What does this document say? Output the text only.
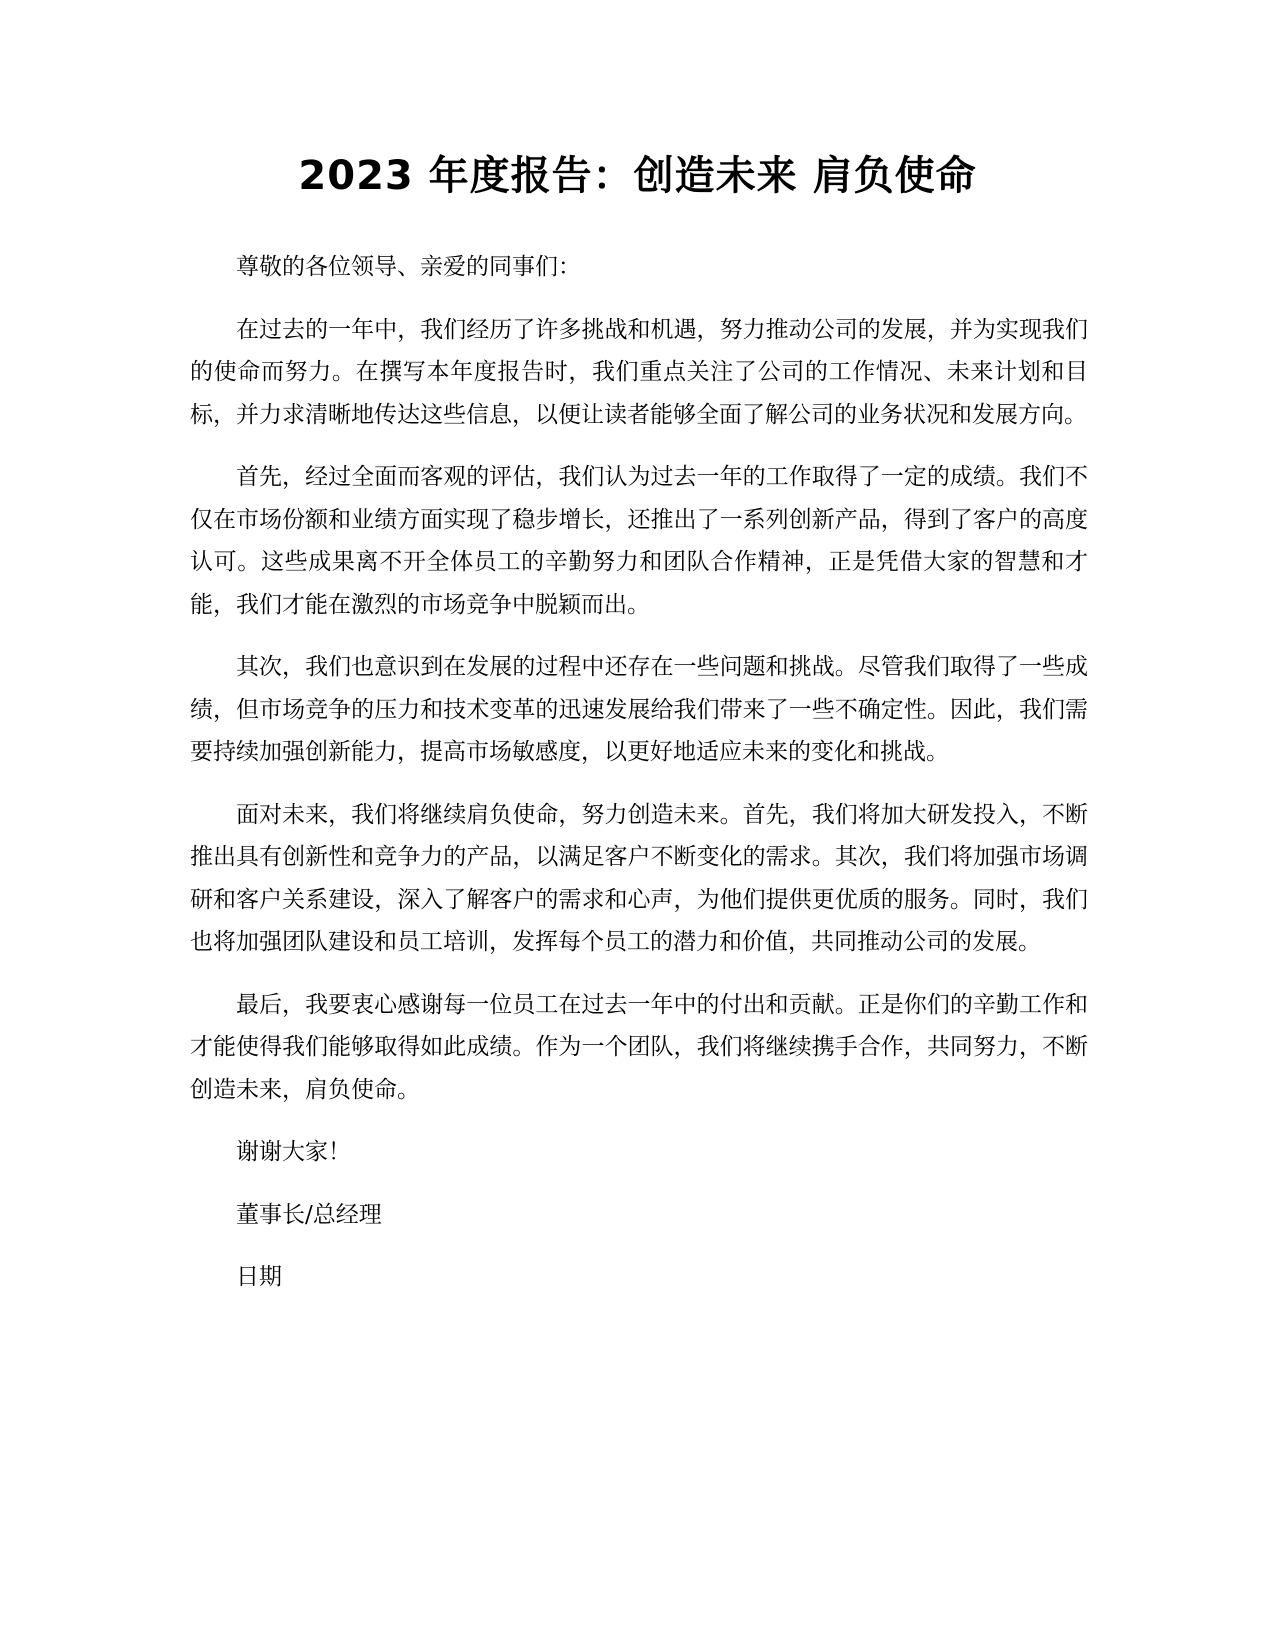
2023 年度报告：创造未来 肩负使命

尊敬的各位领导、亲爱的同事们：

在过去的一年中，我们经历了许多挑战和机遇，努力推动公司的发展，并为实现我们的使命而努力。在撰写本年度报告时，我们重点关注了公司的工作情况、未来计划和目标，并力求清晰地传达这些信息，以便让读者能够全面了解公司的业务状况和发展方向。

首先，经过全面而客观的评估，我们认为过去一年的工作取得了一定的成绩。我们不仅在市场份额和业绩方面实现了稳步增长，还推出了一系列创新产品，得到了客户的高度认可。这些成果离不开全体员工的辛勤努力和团队合作精神，正是凭借大家的智慧和才能，我们才能在激烈的市场竞争中脱颖而出。

其次，我们也意识到在发展的过程中还存在一些问题和挑战。尽管我们取得了一些成绩，但市场竞争的压力和技术变革的迅速发展给我们带来了一些不确定性。因此，我们需要持续加强创新能力，提高市场敏感度，以更好地适应未来的变化和挑战。

面对未来，我们将继续肩负使命，努力创造未来。首先，我们将加大研发投入，不断推出具有创新性和竞争力的产品，以满足客户不断变化的需求。其次，我们将加强市场调研和客户关系建设，深入了解客户的需求和心声，为他们提供更优质的服务。同时，我们也将加强团队建设和员工培训，发挥每个员工的潜力和价值，共同推动公司的发展。

最后，我要衷心感谢每一位员工在过去一年中的付出和贡献。正是你们的辛勤工作和才能使得我们能够取得如此成绩。作为一个团队，我们将继续携手合作，共同努力，不断创造未来，肩负使命。

谢谢大家！

董事长/总经理

日期
